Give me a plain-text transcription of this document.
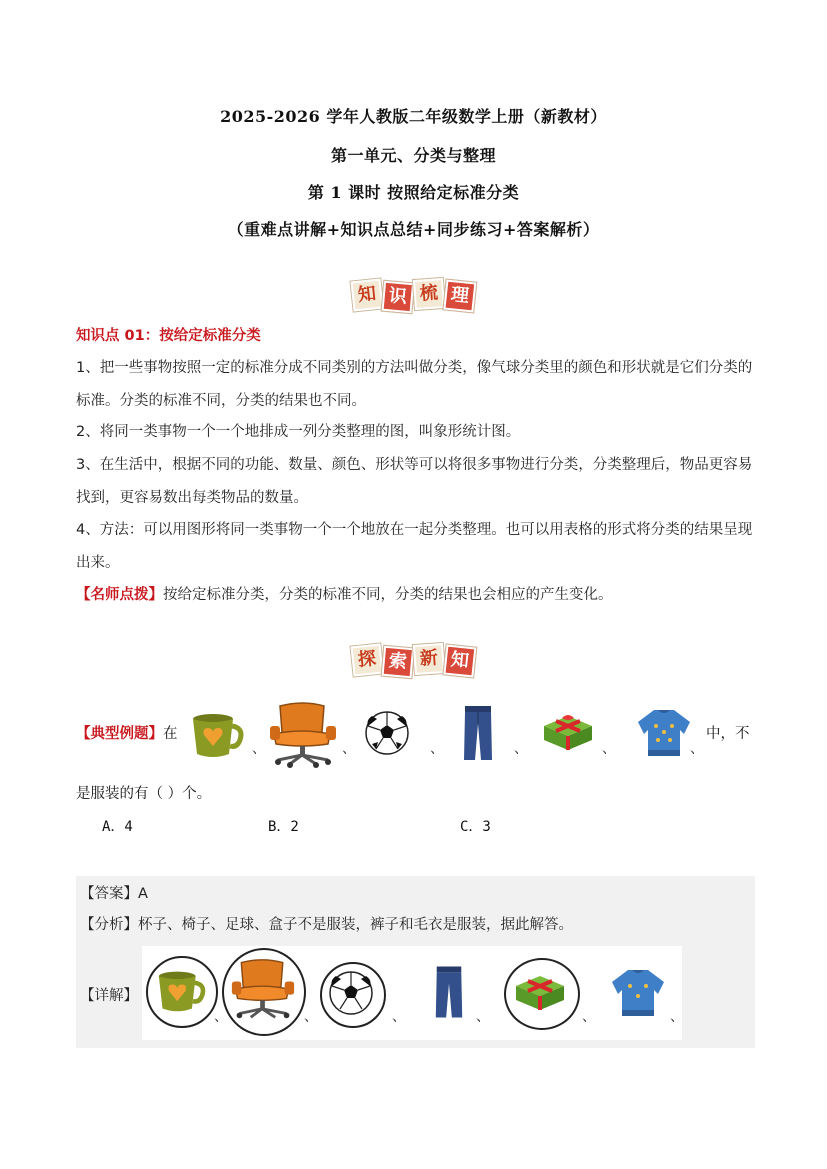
2025-2026 学年人教版二年级数学上册（新教材）
第一单元、分类与整理
第 1 课时 按照给定标准分类
（重难点讲解+知识点总结+同步练习+答案解析）
知 识 梳 理
知识点 01：按给定标准分类
1、把一些事物按照一定的标准分成不同类别的方法叫做分类，像气球分类里的颜色和形状就是它们分类的标准。分类的标准不同，分类的结果也不同。
2、将同一类事物一个一个地排成一列分类整理的图，叫象形统计图。
3、在生活中，根据不同的功能、数量、颜色、形状等可以将很多事物进行分类，分类整理后，物品更容易找到，更容易数出每类物品的数量。
4、方法：可以用图形将同一类事物一个一个地放在一起分类整理。也可以用表格的形式将分类的结果呈现出来。
【名师点拨】按给定标准分类，分类的标准不同，分类的结果也会相应的产生变化。
探 索 新 知
【典型例题】在
、	、	、	、	、	、
中，不
是服装的有（ ）个。
A．4	B．2	C．3
【答案】A
【分析】杯子、椅子、足球、盒子不是服装，裤子和毛衣是服装，据此解答。
【详解】
、	、	、	、	、	、
